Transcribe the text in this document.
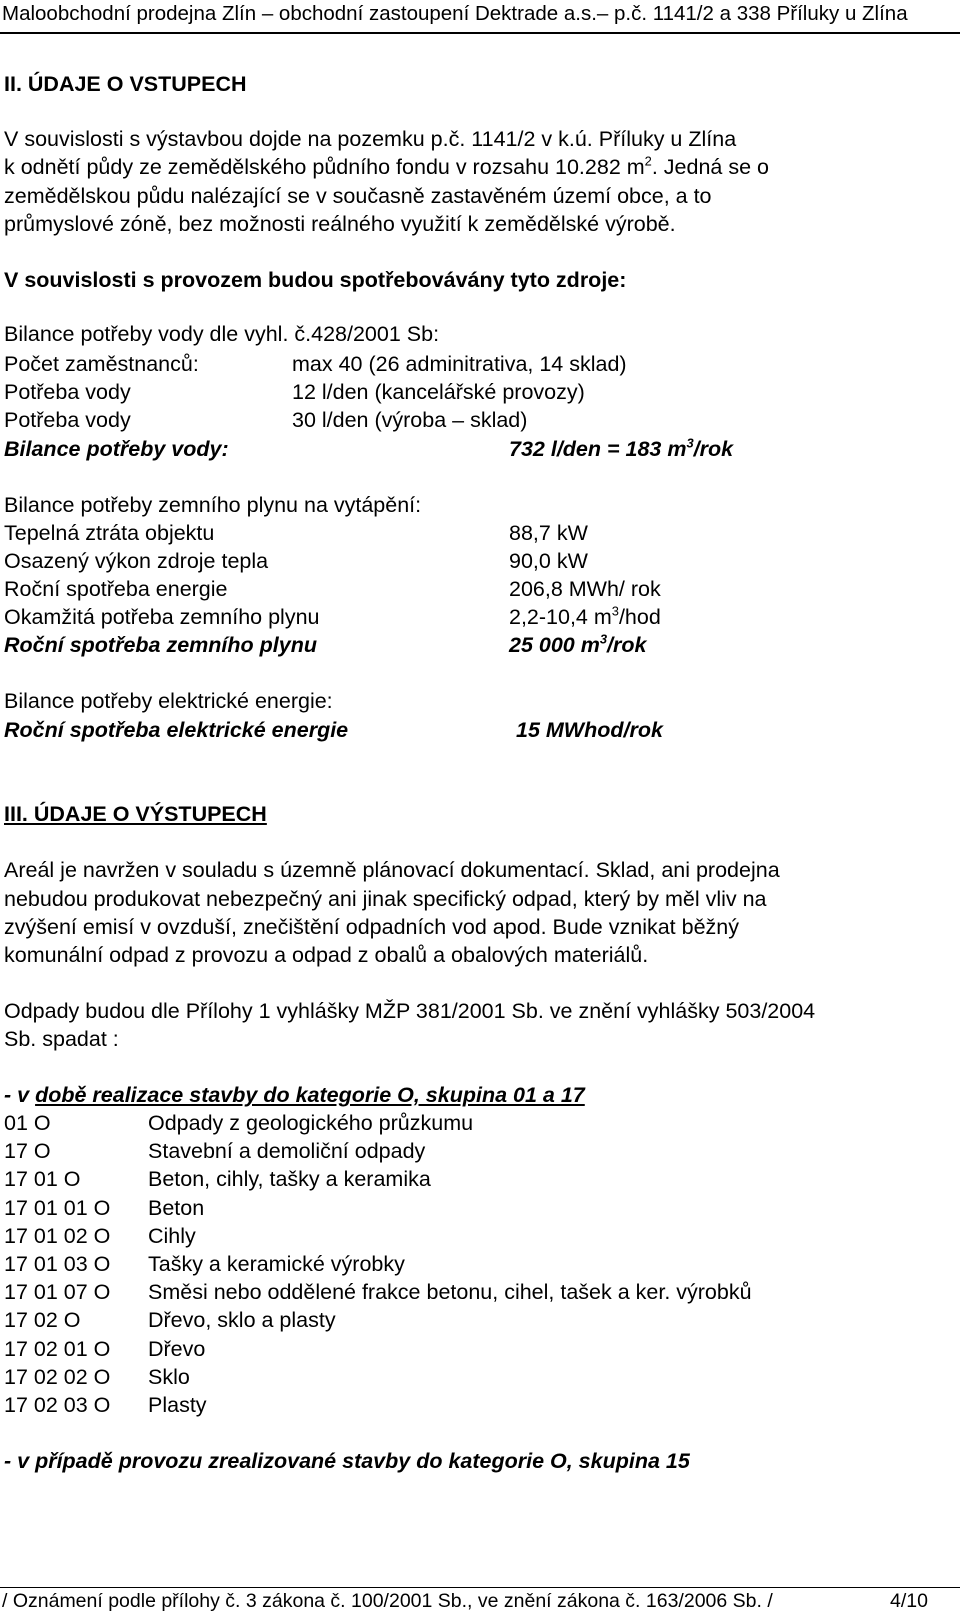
Maloobchodní prodejna Zlín – obchodní zastoupení Dektrade a.s.– p.č. 1141/2 a 338 Příluky u Zlína
II. ÚDAJE O VSTUPECH
V souvislosti s výstavbou dojde na pozemku p.č. 1141/2 v k.ú. Příluky u Zlína
k odnětí půdy ze zemědělského půdního fondu v rozsahu 10.282 $m^2$. Jedná se o
zemědělskou půdu nalézající se v současně zastavěném území obce, a to
průmyslové zóně, bez možnosti reálného využití k zemědělské výrobě.
V souvislosti s provozem budou spotřebovávány tyto zdroje:
Bilance potřeby vody dle vyhl. č.428/2001 Sb:
Počet zaměstnanců:	max 40 (26 adminitrativa, 14 sklad)
Potřeba vody	12 l/den (kancelářské provozy)
Potřeba vody	30 l/den (výroba – sklad)
Bilance potřeby vody:	732 l/den = 183 $m^3$/rok
Bilance potřeby zemního plynu na vytápění:
Tepelná ztráta objektu	88,7 kW
Osazený výkon zdroje tepla	90,0 kW
Roční spotřeba energie	206,8 MWh/ rok
Okamžitá potřeba zemního plynu	2,2-10,4 $m^3$/hod
Roční spotřeba zemního plynu	25 000 $m^3$/rok
Bilance potřeby elektrické energie:
Roční spotřeba elektrické energie	15 MWhod/rok
III. ÚDAJE O VÝSTUPECH
Areál je navržen v souladu s územně plánovací dokumentací. Sklad, ani prodejna
nebudou produkovat nebezpečný ani jinak specifický odpad, který by měl vliv na
zvýšení emisí v ovzduší, znečištění odpadních vod apod. Bude vznikat běžný
komunální odpad z provozu a odpad z obalů a obalových materiálů.
Odpady budou dle Přílohy 1 vyhlášky MŽP 381/2001 Sb. ve znění vyhlášky 503/2004
Sb. spadat :
- v době realizace stavby do kategorie O, skupina 01 a 17
01 O	Odpady z geologického průzkumu
17 O	Stavební a demoliční odpady
17 01 O	Beton, cihly, tašky a keramika
17 01 01 O Beton
17 01 02 O Cihly
17 01 03 O Tašky a keramické výrobky
17 01 07 O Směsi nebo oddělené frakce betonu, cihel, tašek a ker. výrobků
17 02 O	Dřevo, sklo a plasty
17 02 01 O Dřevo
17 02 02 O Sklo
17 02 03 O Plasty
- v případě provozu zrealizované stavby do kategorie O, skupina 15
/ Oznámení podle přílohy č. 3 zákona č. 100/2001 Sb., ve znění zákona č. 163/2006 Sb. /	4/10
